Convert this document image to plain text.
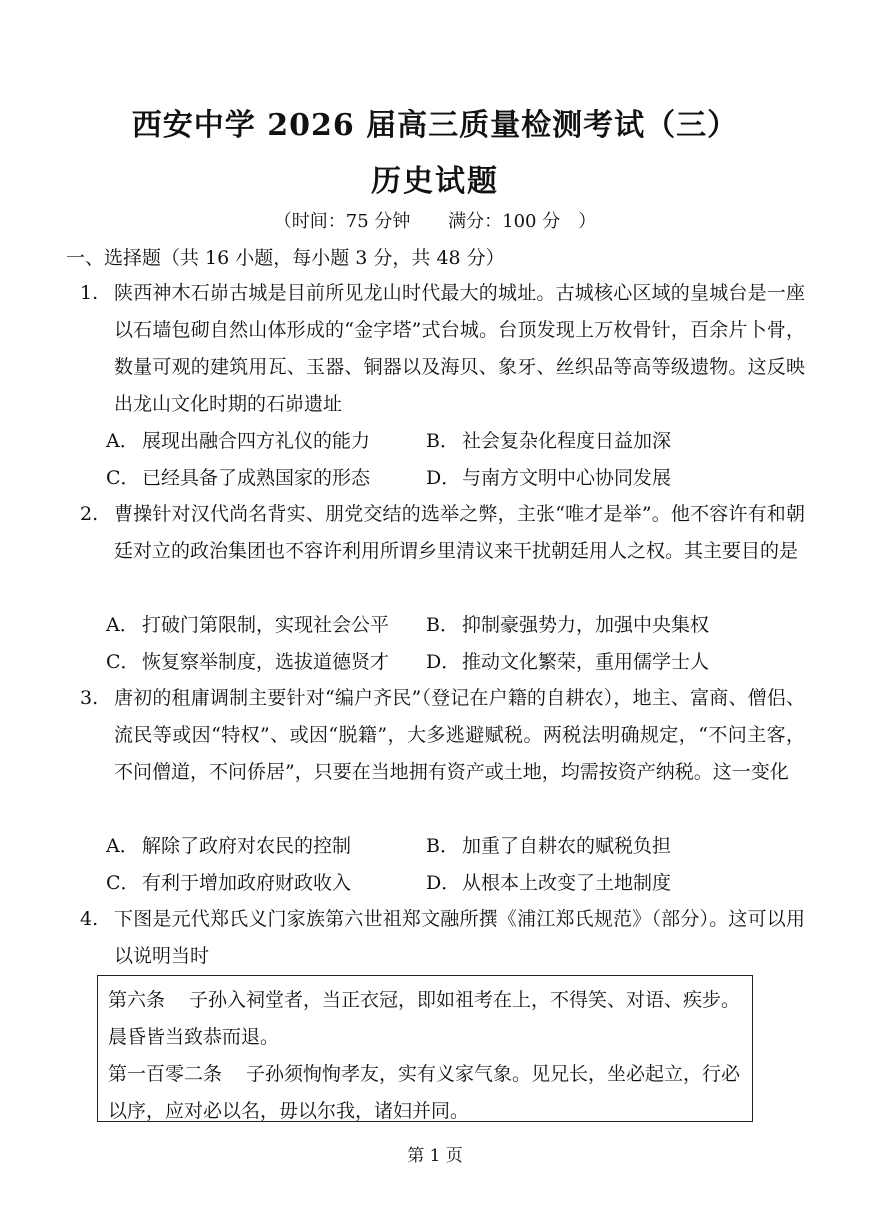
西安中学 2026 届高三质量检测考试（三）
历史试题
（时间：75 分钟 满分：100 分　）
一、选择题（共 16 小题，每小题 3 分，共 48 分）
1. 陕西神木石峁古城是目前所见龙山时代最大的城址。古城核心区域的皇城台是一座以石墙包砌自然山体形成的“金字塔”式台城。台顶发现上万枚骨针，百余片卜骨，数量可观的建筑用瓦、玉器、铜器以及海贝、象牙、丝织品等高等级遗物。这反映出龙山文化时期的石峁遗址
A． 展现出融合四方礼仪的能力	B． 社会复杂化程度日益加深
C． 已经具备了成熟国家的形态	D．与南方文明中心协同发展
2. 曹操针对汉代尚名背实、朋党交结的选举之弊，主张“唯才是举”。他不容许有和朝廷对立的政治集团也不容许利用所谓乡里清议来干扰朝廷用人之权。其主要目的是
A． 打破门第限制，实现社会公平 B． 抑制豪强势力，加强中央集权
C． 恢复察举制度，选拔道德贤才 D．推动文化繁荣，重用儒学士人
3. 唐初的租庸调制主要针对“编户齐民”（登记在户籍的自耕农），地主、富商、僧侣、流民等或因“特权”、或因“脱籍”，大多逃避赋税。两税法明确规定，“不问主客，不问僧道，不问侨居”，只要在当地拥有资产或土地，均需按资产纳税。这一变化
A． 解除了政府对农民的控制	B． 加重了自耕农的赋税负担
C． 有利于增加政府财政收入	D．从根本上改变了土地制度
4. 下图是元代郑氏义门家族第六世祖郑文融所撰《浦江郑氏规范》（部分）。这可以用以说明当时

第六条 子孙入祠堂者，当正衣冠，即如祖考在上，不得笑、对语、疾步。晨昏皆当致恭而退。

第一百零二条 子孙须恂恂孝友，实有义家气象。见兄长，坐必起立，行必以序，应对必以名，毋以尔我，诸妇并同。

第 1 页
